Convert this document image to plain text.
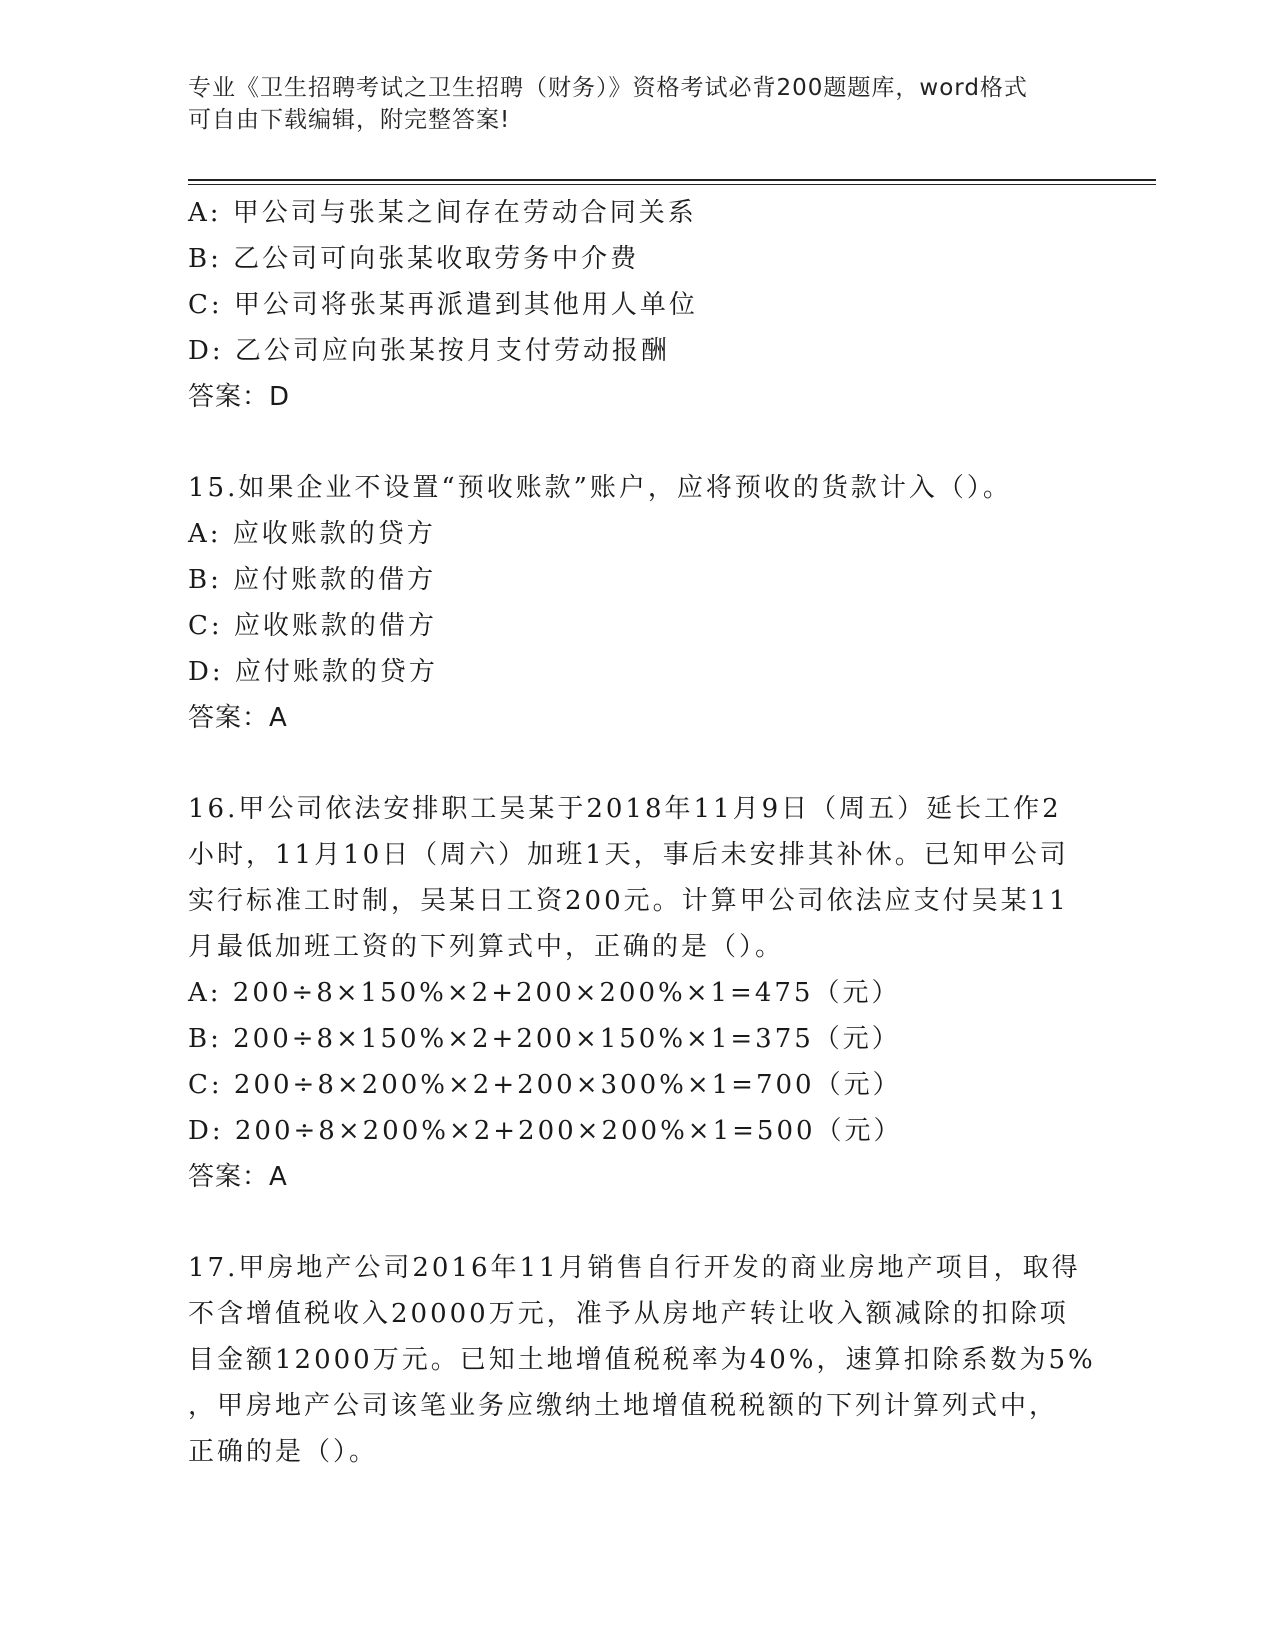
专业《卫生招聘考试之卫生招聘（财务）》资格考试必背200题题库，word格式
可自由下载编辑，附完整答案!
A: 甲公司与张某之间存在劳动合同关系
B: 乙公司可向张某收取劳务中介费
C: 甲公司将张某再派遣到其他用人单位
D: 乙公司应向张某按月支付劳动报酬
答案：D
15.如果企业不设置“预收账款”账户，应将预收的货款计入（）。
A: 应收账款的贷方
B: 应付账款的借方
C: 应收账款的借方
D: 应付账款的贷方
答案：A
16.甲公司依法安排职工吴某于2018年11月9日（周五）延长工作2
小时，11月10日（周六）加班1天，事后未安排其补休。已知甲公司
实行标准工时制，吴某日工资200元。计算甲公司依法应支付吴某11
月最低加班工资的下列算式中，正确的是（）。
A: 200÷8×150%×2+200×200%×1=475（元）
B: 200÷8×150%×2+200×150%×1=375（元）
C: 200÷8×200%×2+200×300%×1=700（元）
D: 200÷8×200%×2+200×200%×1=500（元）
答案：A
17.甲房地产公司2016年11月销售自行开发的商业房地产项目，取得
不含增值税收入20000万元，准予从房地产转让收入额减除的扣除项
目金额12000万元。已知土地增值税税率为40%，速算扣除系数为5%
，甲房地产公司该笔业务应缴纳土地增值税税额的下列计算列式中，
正确的是（）。
